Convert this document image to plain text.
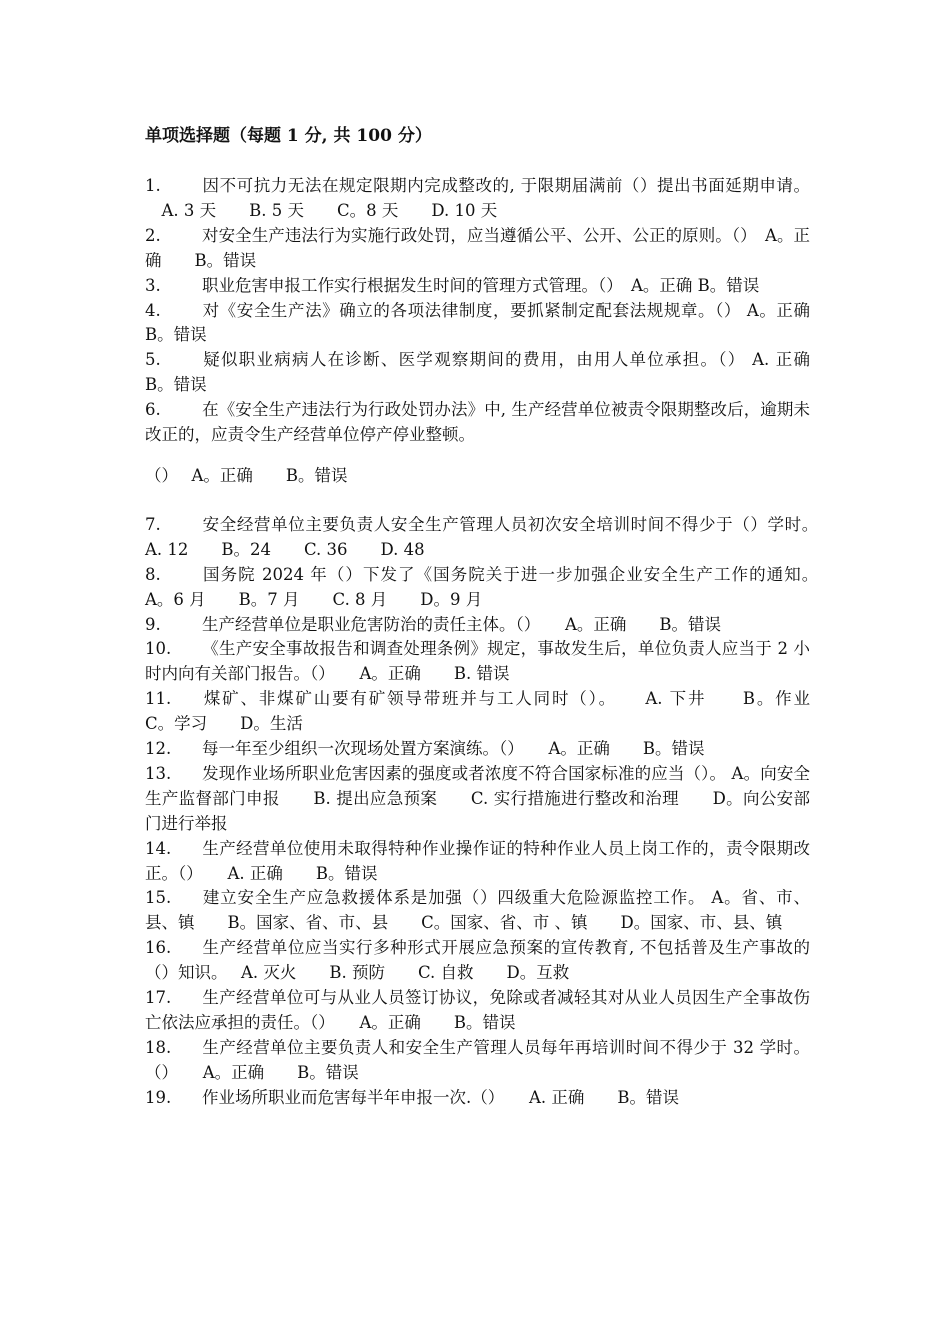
单项选择题（每题 1 分, 共 100 分）

1.	因不可抗力无法在规定限期内完成整改的, 于限期届满前（）提出书面延期申请。 　A. 3 天　　B. 5 天　　C。8 天　　D. 10 天

2.	对安全生产违法行为实施行政处罚，应当遵循公平、公开、公正的原则。（）　A。正确　　B。错误

3.	职业危害申报工作实行根据发生时间的管理方式管理。（）　A。正确 B。错误

4.	对《安全生产法》确立的各项法律制度，要抓紧制定配套法规规章。（） A。正确　　B。错误

5.	疑似职业病病人在诊断、医学观察期间的费用，由用人单位承担。（） A. 正确　　B。错误

6.	在《安全生产违法行为行政处罚办法》中, 生产经营单位被责令限期整改后，逾期未改正的，应责令生产经营单位停产停业整顿。

（）　 A。正确　　B。错误

7.	安全经营单位主要负责人安全生产管理人员初次安全培训时间不得少于（）学时。　 A. 12　　B。24　　C. 36　　D. 48

8.	国务院 2024 年（）下发了《国务院关于进一步加强企业安全生产工作的通知。　 A。6 月　　B。7 月　　C. 8 月　　D。9 月

9.	生产经营单位是职业危害防治的责任主体。（）　　A。正确　　B。错误

10. 《生产安全事故报告和调查处理条例》规定，事故发生后，单位负责人应当于 2 小时内向有关部门报告。（）　　A。正确　　B. 错误

11. 煤矿、非煤矿山要有矿领导带班并与工人同时（）。　　A. 下井　　B。作业　　C。学习　　D。生活

12. 每一年至少组织一次现场处置方案演练。（）　　A。正确　　B。错误

13. 发现作业场所职业危害因素的强度或者浓度不符合国家标准的应当（）。 A。向安全生产监督部门申报　　B. 提出应急预案　　C. 实行措施进行整改和治理　　D。向公安部门进行举报

14. 生产经营单位使用未取得特种作业操作证的特种作业人员上岗工作的，责令限期改正。（）　　A. 正确　　B。错误

15. 建立安全生产应急救援体系是加强（）四级重大危险源监控工作。 A。省、市、县、镇　　B。国家、省、市、县　　C。国家、省、市 、镇　　D。国家、市、县、镇

16. 生产经营单位应当实行多种形式开展应急预案的宣传教育, 不包括普及生产事故的（）知识。　 A. 灭火　　B. 预防　　C. 自救　　D。互救

17. 生产经营单位可与从业人员签订协议，免除或者减轻其对从业人员因生产全事故伤亡依法应承担的责任。（）　　A。正确　　B。错误

18. 生产经营单位主要负责人和安全生产管理人员每年再培训时间不得少于 32 学时。（）　　A。正确　　B。错误

19. 作业场所职业而危害每半年申报一次.（）　　A. 正确　　B。错误
